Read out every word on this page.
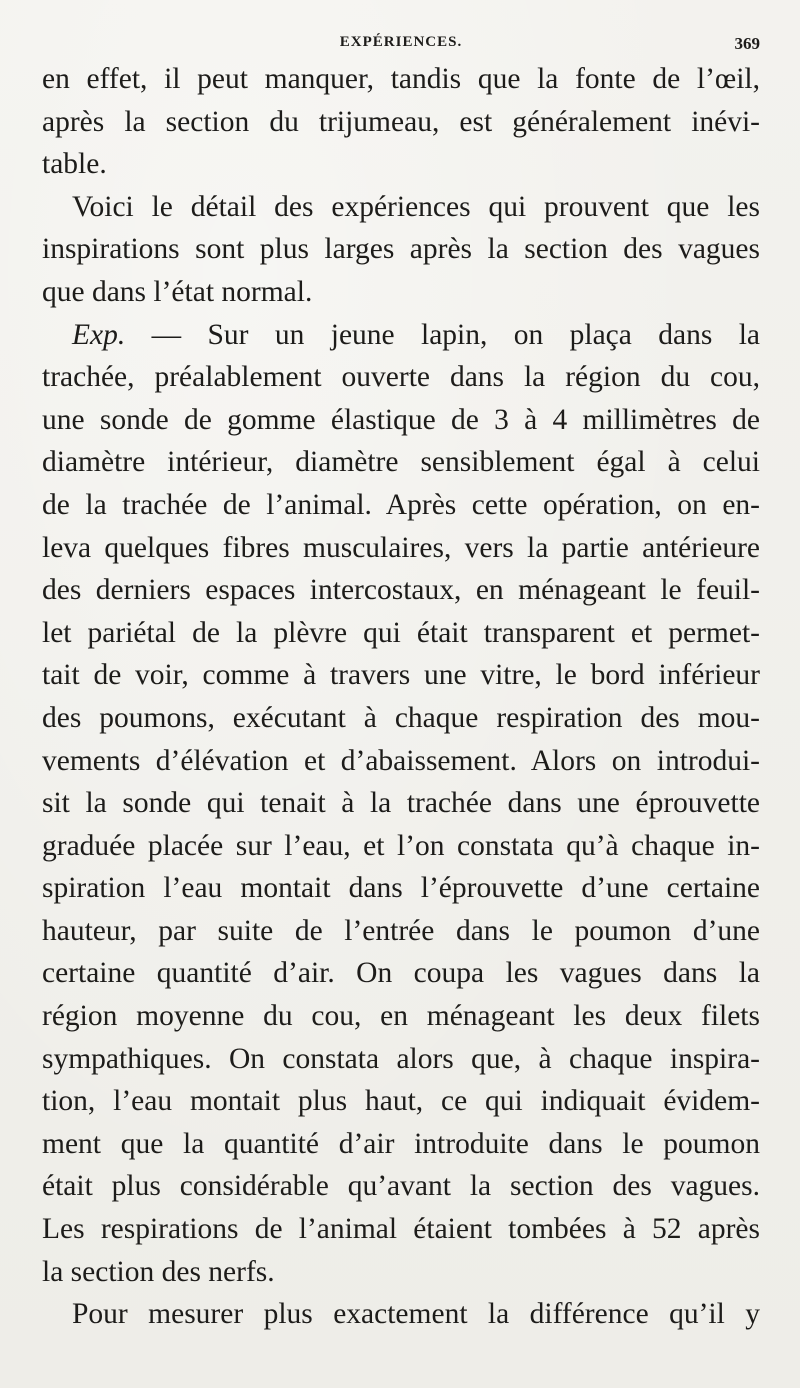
EXPÉRIENCES.	369

en effet, il peut manquer, tandis que la fonte de l’œil,
après la section du trijumeau, est généralement inévi-
table.

Voici le détail des expériences qui prouvent que les
inspirations sont plus larges après la section des vagues
que dans l’état normal.

Exp. — Sur un jeune lapin, on plaça dans la
trachée, préalablement ouverte dans la région du cou,
une sonde de gomme élastique de 3 à 4 millimètres de
diamètre intérieur, diamètre sensiblement égal à celui
de la trachée de l’animal. Après cette opération, on en-
leva quelques fibres musculaires, vers la partie antérieure
des derniers espaces intercostaux, en ménageant le feuil-
let pariétal de la plèvre qui était transparent et permet-
tait de voir, comme à travers une vitre, le bord inférieur
des poumons, exécutant à chaque respiration des mou-
vements d’élévation et d’abaissement. Alors on introdui-
sit la sonde qui tenait à la trachée dans une éprouvette
graduée placée sur l’eau, et l’on constata qu’à chaque in-
spiration l’eau montait dans l’éprouvette d’une certaine
hauteur, par suite de l’entrée dans le poumon d’une
certaine quantité d’air. On coupa les vagues dans la
région moyenne du cou, en ménageant les deux filets
sympathiques. On constata alors que, à chaque inspira-
tion, l’eau montait plus haut, ce qui indiquait évidem-
ment que la quantité d’air introduite dans le poumon
était plus considérable qu’avant la section des vagues.
Les respirations de l’animal étaient tombées à 52 après
la section des nerfs.

Pour mesurer plus exactement la différence qu’il y
